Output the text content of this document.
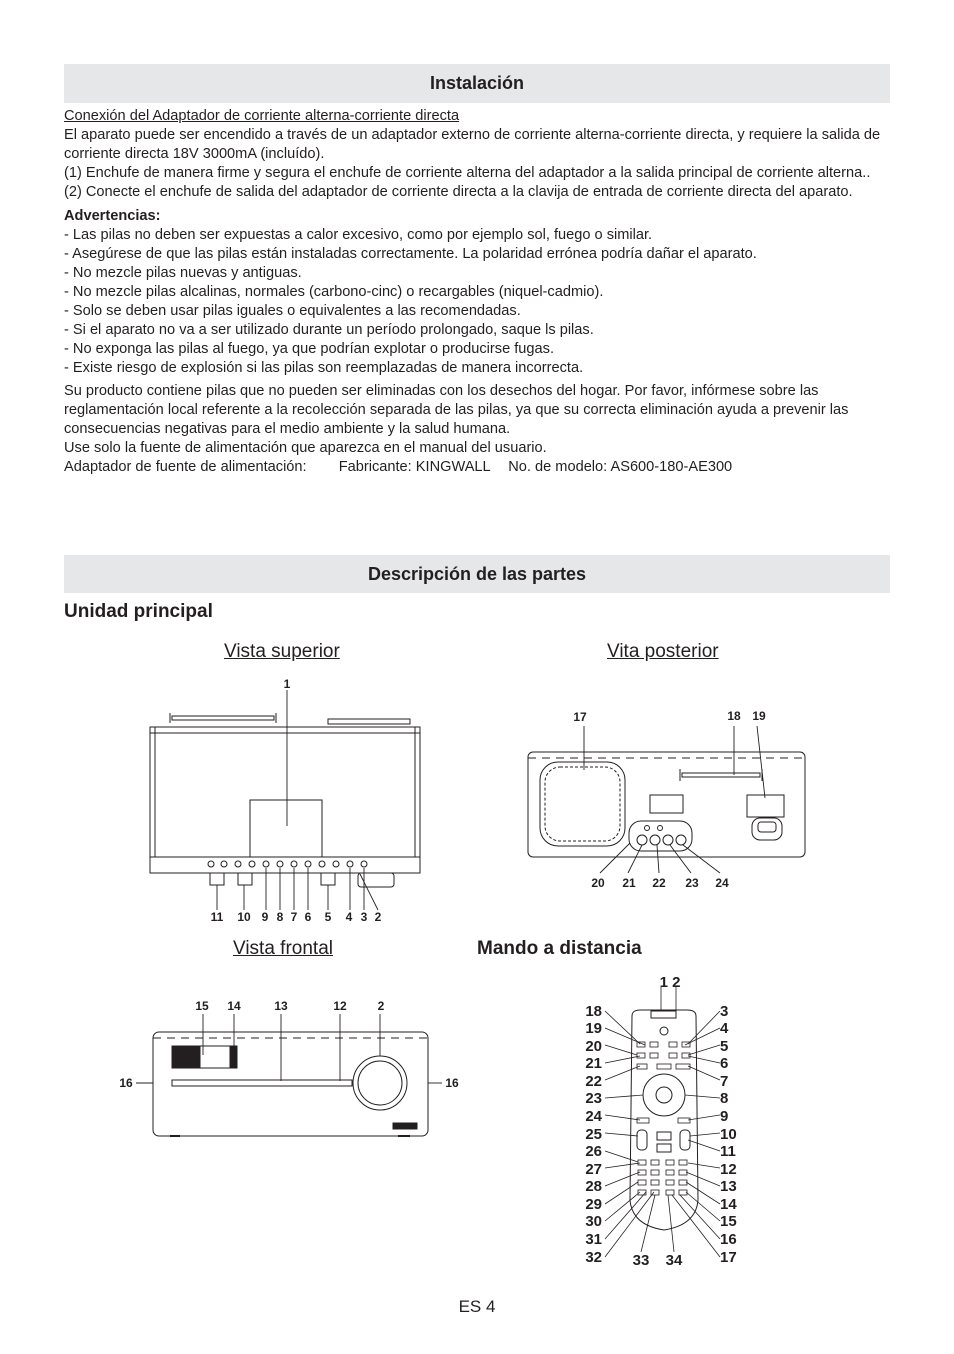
Instalación

Conexión del Adaptador de corriente alterna-corriente directa

El aparato puede ser encendido a través de un adaptador externo de corriente alterna-corriente directa, y requiere la salida de corriente directa 18V 3000mA (incluído).

(1) Enchufe de manera firme y segura el enchufe de corriente alterna del adaptador a la salida principal de corriente alterna..

(2) Conecte el enchufe de salida del adaptador de corriente directa a la clavija de entrada de corriente directa del aparato.

Advertencias:

- Las pilas no deben ser expuestas a calor excesivo, como por ejemplo sol, fuego o similar.

- Asegúrese de que las pilas están instaladas correctamente. La polaridad errónea podría dañar el aparato.

- No mezcle pilas nuevas y antiguas.

- No mezcle pilas alcalinas, normales (carbono-cinc) o recargables (niquel-cadmio).

- Solo se deben usar pilas iguales o equivalentes a las recomendadas.

- Si el aparato no va a ser utilizado durante un período prolongado, saque ls pilas.

- No exponga las pilas al fuego, ya que podrían explotar o producirse fugas.

- Existe riesgo de explosión si las pilas son reemplazadas de manera incorrecta.

Su producto contiene pilas que no pueden ser eliminadas con los desechos del hogar. Por favor, infórmese sobre las reglamentación local referente a la recolección separada de las pilas, ya que su correcta eliminación ayuda a prevenir las consecuencias negativas para el medio ambiente y la salud humana.

Use solo la fuente de alimentación que aparezca en el manual del usuario.

Adaptador de fuente de alimentación: Fabricante: KINGWALL No. de modelo: AS600-180-AE300

Descripción de las partes
Unidad principal
Vista superior	Vita posterior
Vista frontal	Mando a distancia
1
11 10 9 8 7 6 5 4 3 2
17	18 19
20 21 22 23 24
15 14	13	12	2
16	16
1 2
18
19
20
21
22
23
24
25
26
27
28
29
30
31
32
3
4
5
6
7
8
9
10
11
12
13
14
15
16
17
33 34
ES 4
